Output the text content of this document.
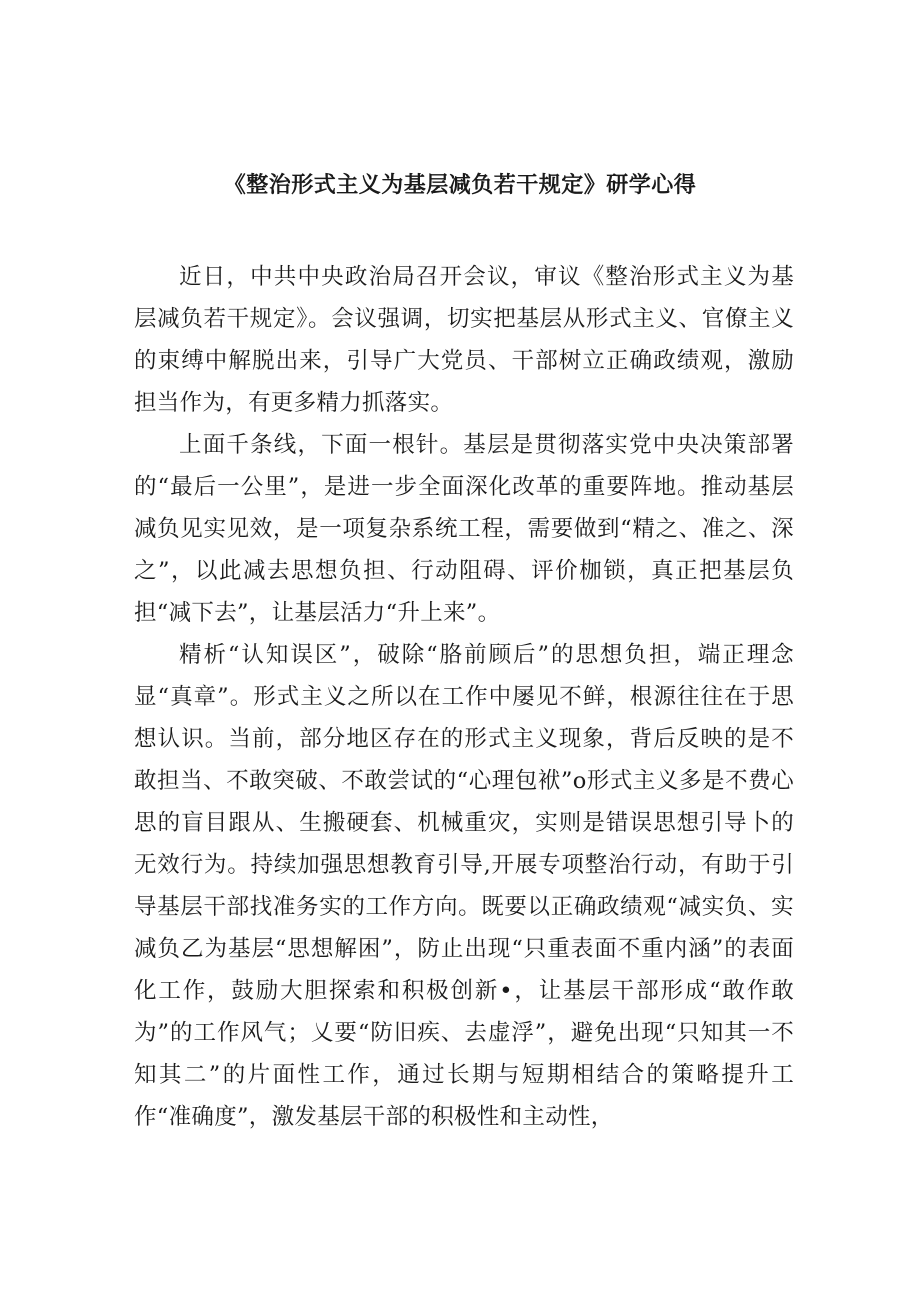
《整治形式主义为基层减负若干规定》研学心得

近日，中共中央政治局召开会议，审议《整治形式主义为基层减负若干规定》。会议强调，切实把基层从形式主义、官僚主义的束缚中解脱出来，引导广大党员、干部树立正确政绩观，激励担当作为，有更多精力抓落实。

上面千条线，下面一根针。基层是贯彻落实党中央决策部署的“最后一公里”，是进一步全面深化改革的重要阵地。推动基层减负见实见效，是一项复杂系统工程，需要做到“精之、准之、深之”，以此减去思想负担、行动阻碍、评价枷锁，真正把基层负担“减下去”，让基层活力“升上来”。

精析“认知误区”，破除“胳前顾后”的思想负担，端正理念显“真章”。形式主义之所以在工作中屡见不鲜，根源往往在于思想认识。当前，部分地区存在的形式主义现象，背后反映的是不敢担当、不敢突破、不敢尝试的“心理包袱”o形式主义多是不费心思的盲目跟从、生搬硬套、机械重灾，实则是错误思想引导卜的无效行为。持续加强思想教育引导,开展专项整治行动，有助于引导基层干部找准务实的工作方向。既要以正确政绩观“减实负、实减负乙为基层“思想解困”，防止出现“只重表面不重内涵”的表面化工作，鼓励大胆探索和积极创新•，让基层干部形成“敢作敢为”的工作风气；乂要“防旧疾、去虚浮”，避免出现“只知其一不知其二”的片面性工作，通过长期与短期相结合的策略提升工作“准确度”，激发基层干部的积极性和主动性，
